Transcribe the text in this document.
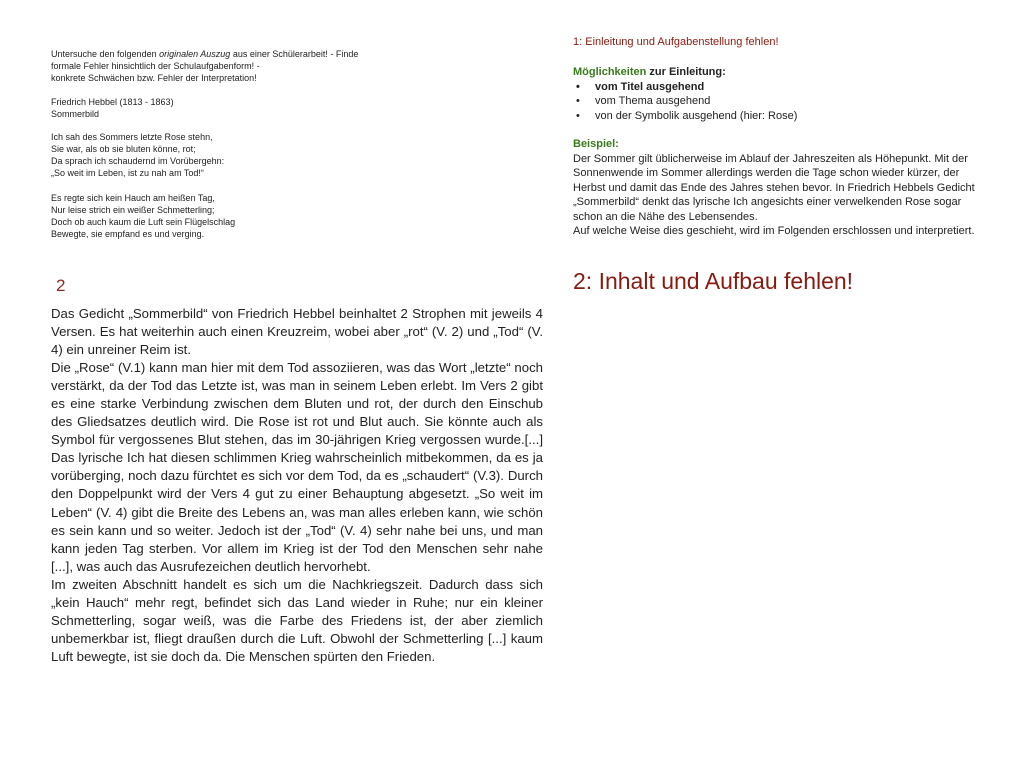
Untersuche den folgenden originalen Auszug aus einer Schülerarbeit! - Finde
formale Fehler hinsichtlich der Schulaufgabenform! -
konkrete Schwächen bzw. Fehler der Interpretation!
Friedrich Hebbel (1813 - 1863)
Sommerbild
Ich sah des Sommers letzte Rose stehn,
Sie war, als ob sie bluten könne, rot;
Da sprach ich schaudernd im Vorübergehn:
„So weit im Leben, ist zu nah am Tod!“
Es regte sich kein Hauch am heißen Tag,
Nur leise strich ein weißer Schmetterling;
Doch ob auch kaum die Luft sein Flügelschlag
Bewegte, sie empfand es und verging.
2

Das Gedicht „Sommerbild“ von Friedrich Hebbel beinhaltet 2 Strophen mit jeweils 4 Versen. Es hat weiterhin auch einen Kreuzreim, wobei aber „rot“ (V. 2) und „Tod“ (V. 4) ein unreiner Reim ist.

Die „Rose“ (V.1) kann man hier mit dem Tod assoziieren, was das Wort „letzte“ noch verstärkt, da der Tod das Letzte ist, was man in seinem Leben erlebt. Im Vers 2 gibt es eine starke Verbindung zwischen dem Bluten und rot, der durch den Einschub des Gliedsatzes deutlich wird. Die Rose ist rot und Blut auch. Sie könnte auch als Symbol für vergossenes Blut stehen, das im 30-jährigen Krieg vergossen wurde.[...] Das lyrische Ich hat diesen schlimmen Krieg wahrscheinlich mitbekommen, da es ja vorüberging, noch dazu fürchtet es sich vor dem Tod, da es „schaudert“ (V.3). Durch den Doppelpunkt wird der Vers 4 gut zu einer Behauptung abgesetzt. „So weit im Leben“ (V. 4) gibt die Breite des Lebens an, was man alles erleben kann, wie schön es sein kann und so weiter. Jedoch ist der „Tod“ (V. 4) sehr nahe bei uns, und man kann jeden Tag sterben. Vor allem im Krieg ist der Tod den Menschen sehr nahe [...], was auch das Ausrufezeichen deutlich hervorhebt.

Im zweiten Abschnitt handelt es sich um die Nachkriegszeit. Dadurch dass sich „kein Hauch“ mehr regt, befindet sich das Land wieder in Ruhe; nur ein kleiner Schmetterling, sogar weiß, was die Farbe des Friedens ist, der aber ziemlich unbemerkbar ist, fliegt draußen durch die Luft. Obwohl der Schmetterling [...] kaum Luft bewegte, ist sie doch da. Die Menschen spürten den Frieden.

1: Einleitung und Aufgabenstellung fehlen!
Möglichkeiten zur Einleitung:
• vom Titel ausgehend
• vom Thema ausgehend
• von der Symbolik ausgehend (hier: Rose)
Beispiel:
Der Sommer gilt üblicherweise im Ablauf der Jahreszeiten als Höhepunkt. Mit der Sonnenwende im Sommer allerdings werden die Tage schon wieder kürzer, der Herbst und damit das Ende des Jahres stehen bevor. In Friedrich Hebbels Gedicht „Sommerbild“ denkt das lyrische Ich angesichts einer verwelkenden Rose sogar schon an die Nähe des Lebensendes.
Auf welche Weise dies geschieht, wird im Folgenden erschlossen und interpretiert.
2: Inhalt und Aufbau fehlen!
